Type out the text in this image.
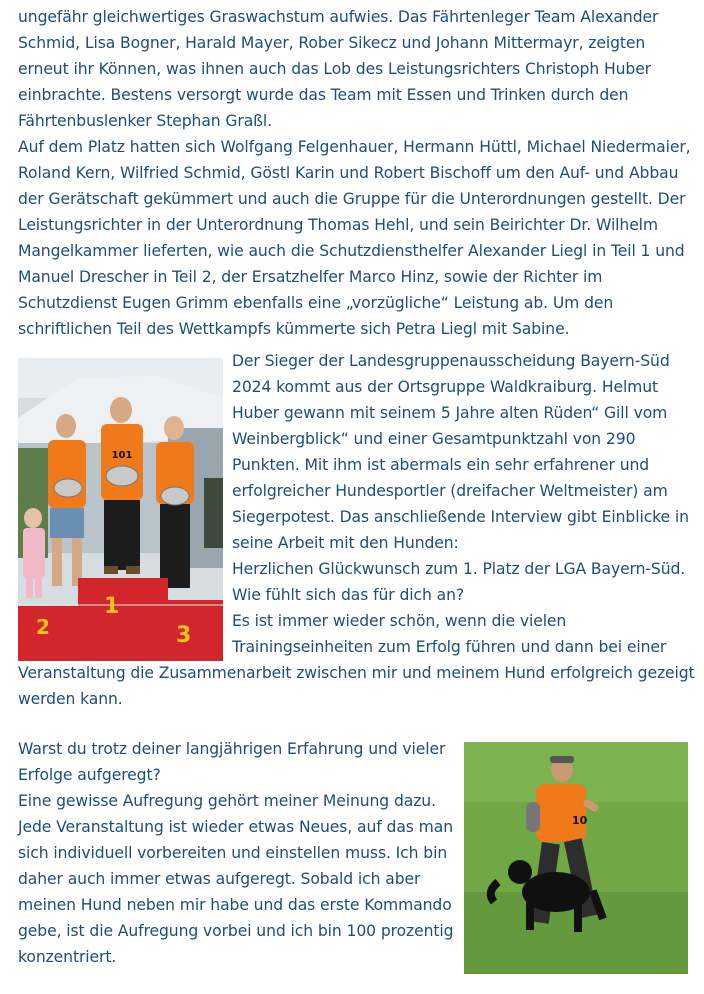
ungefähr gleichwertiges Graswachstum aufwies. Das Fährtenleger Team Alexander

Schmid, Lisa Bogner, Harald Mayer, Rober Sikecz und Johann Mittermayr, zeigten

erneut ihr Können, was ihnen auch das Lob des Leistungsrichters Christoph Huber

einbrachte. Bestens versorgt wurde das Team mit Essen und Trinken durch den

Fährtenbuslenker Stephan Graßl.

Auf dem Platz hatten sich Wolfgang Felgenhauer, Hermann Hüttl, Michael Niedermaier,

Roland Kern, Wilfried Schmid, Göstl Karin und Robert Bischoff um den Auf- und Abbau

der Gerätschaft gekümmert und auch die Gruppe für die Unterordnungen gestellt. Der

Leistungsrichter in der Unterordnung Thomas Hehl, und sein Beirichter Dr. Wilhelm

Mangelkammer lieferten, wie auch die Schutzdiensthelfer Alexander Liegl in Teil 1 und

Manuel Drescher in Teil 2, der Ersatzhelfer Marco Hinz, sowie der Richter im

Schutzdienst Eugen Grimm ebenfalls eine „vorzügliche“ Leistung ab. Um den

schriftlichen Teil des Wettkampfs kümmerte sich Petra Liegl mit Sabine.

101
1
2	3

Der Sieger der Landesgruppenausscheidung Bayern-Süd

2024 kommt aus der Ortsgruppe Waldkraiburg. Helmut

Huber gewann mit seinem 5 Jahre alten Rüden“ Gill vom

Weinbergblick“ und einer Gesamtpunktzahl von 290

Punkten. Mit ihm ist abermals ein sehr erfahrener und

erfolgreicher Hundesportler (dreifacher Weltmeister) am

Siegerpotest. Das anschließende Interview gibt Einblicke in

seine Arbeit mit den Hunden:

Herzlichen Glückwunsch zum 1. Platz der LGA Bayern-Süd.

Wie fühlt sich das für dich an?

Es ist immer wieder schön, wenn die vielen

Trainingseinheiten zum Erfolg führen und dann bei einer

Veranstaltung die Zusammenarbeit zwischen mir und meinem Hund erfolgreich gezeigt

werden kann.

Warst du trotz deiner langjährigen Erfahrung und vieler

Erfolge aufgeregt?

Eine gewisse Aufregung gehört meiner Meinung dazu.

Jede Veranstaltung ist wieder etwas Neues, auf das man

sich individuell vorbereiten und einstellen muss. Ich bin

daher auch immer etwas aufgeregt. Sobald ich aber

meinen Hund neben mir habe und das erste Kommando

gebe, ist die Aufregung vorbei und ich bin 100 prozentig

konzentriert.

10
